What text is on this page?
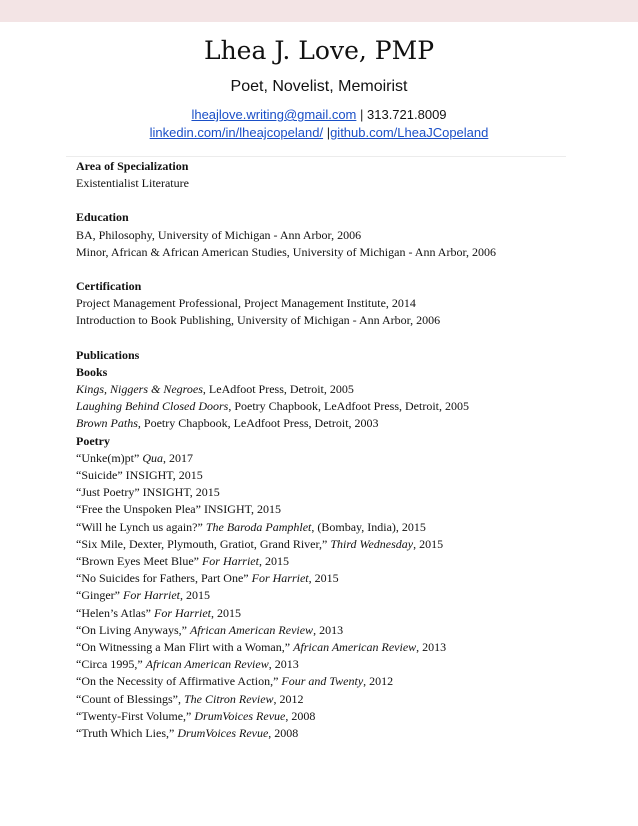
Lhea J. Love, PMP
Poet, Novelist, Memoirist
lheajlove.writing@gmail.com | 313.721.8009
linkedin.com/in/lheajcopeland/ |github.com/LheaJCopeland
Area of Specialization
Existentialist Literature
Education
BA, Philosophy, University of Michigan - Ann Arbor, 2006
Minor, African & African American Studies, University of Michigan - Ann Arbor, 2006
Certification
Project Management Professional, Project Management Institute, 2014
Introduction to Book Publishing, University of Michigan - Ann Arbor, 2006
Publications
Books
Kings, Niggers & Negroes, LeAdfoot Press, Detroit, 2005
Laughing Behind Closed Doors, Poetry Chapbook, LeAdfoot Press, Detroit, 2005
Brown Paths, Poetry Chapbook, LeAdfoot Press, Detroit, 2003
Poetry
“Unke(m)pt” Qua, 2017
“Suicide” INSIGHT, 2015
“Just Poetry” INSIGHT, 2015
“Free the Unspoken Plea” INSIGHT, 2015
“Will he Lynch us again?” The Baroda Pamphlet, (Bombay, India), 2015
“Six Mile, Dexter, Plymouth, Gratiot, Grand River,” Third Wednesday, 2015
“Brown Eyes Meet Blue” For Harriet, 2015
“No Suicides for Fathers, Part One” For Harriet, 2015
“Ginger” For Harriet, 2015
“Helen’s Atlas” For Harriet, 2015
“On Living Anyways,” African American Review, 2013
“On Witnessing a Man Flirt with a Woman,” African American Review, 2013
“Circa 1995,” African American Review, 2013
“On the Necessity of Affirmative Action,” Four and Twenty, 2012
“Count of Blessings”, The Citron Review, 2012
“Twenty-First Volume,” DrumVoices Revue, 2008
“Truth Which Lies,” DrumVoices Revue, 2008
